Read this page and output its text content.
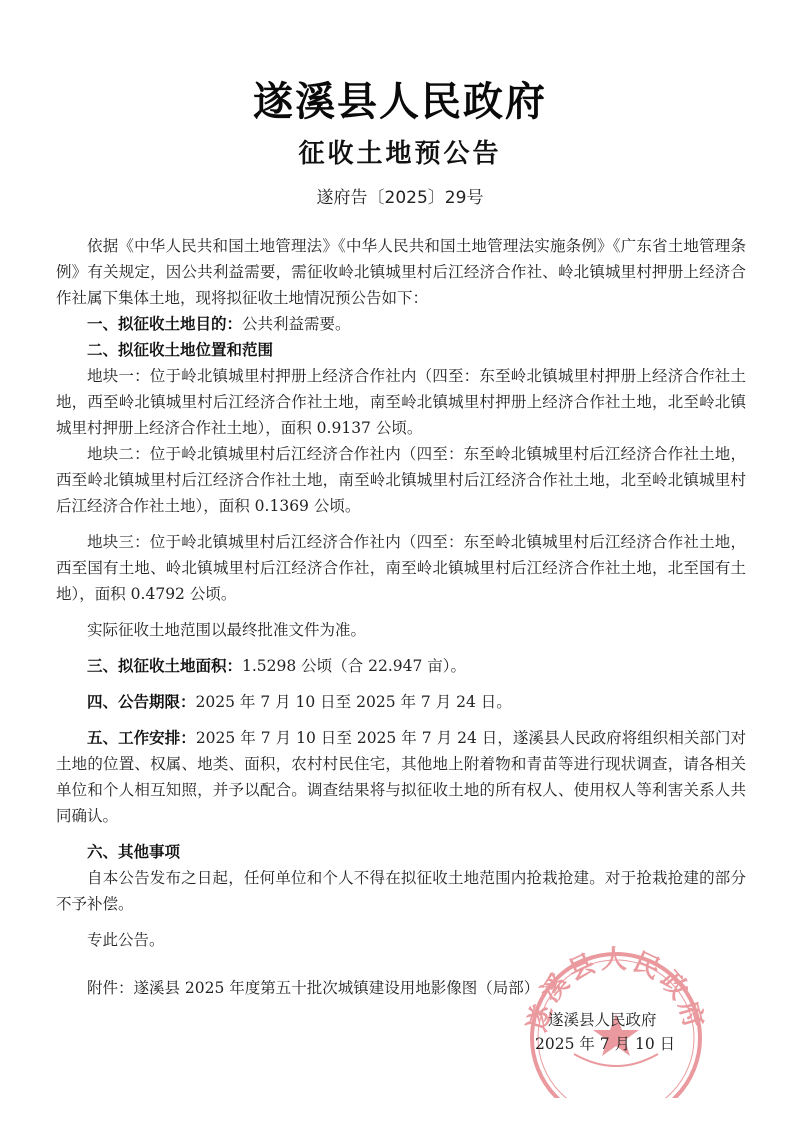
遂溪县人民政府
征收土地预公告
遂府告〔2025〕29号

依据《中华人民共和国土地管理法》《中华人民共和国土地管理法实施条例》《广东省土地管理条例》有关规定，因公共利益需要，需征收岭北镇城里村后江经济合作社、岭北镇城里村押册上经济合作社属下集体土地，现将拟征收土地情况预公告如下：

一、拟征收土地目的：公共利益需要。

二、拟征收土地位置和范围

地块一：位于岭北镇城里村押册上经济合作社内（四至：东至岭北镇城里村押册上经济合作社土地，西至岭北镇城里村后江经济合作社土地，南至岭北镇城里村押册上经济合作社土地，北至岭北镇城里村押册上经济合作社土地），面积 0.9137 公顷。

地块二：位于岭北镇城里村后江经济合作社内（四至：东至岭北镇城里村后江经济合作社土地，西至岭北镇城里村后江经济合作社土地，南至岭北镇城里村后江经济合作社土地，北至岭北镇城里村后江经济合作社土地），面积 0.1369 公顷。

地块三：位于岭北镇城里村后江经济合作社内（四至：东至岭北镇城里村后江经济合作社土地，西至国有土地、岭北镇城里村后江经济合作社，南至岭北镇城里村后江经济合作社土地，北至国有土地），面积 0.4792 公顷。

实际征收土地范围以最终批准文件为准。

三、拟征收土地面积：1.5298 公顷（合 22.947 亩）。

四、公告期限：2025 年 7 月 10 日至 2025 年 7 月 24 日。

五、工作安排：2025 年 7 月 10 日至 2025 年 7 月 24 日，遂溪县人民政府将组织相关部门对土地的位置、权属、地类、面积，农村村民住宅，其他地上附着物和青苗等进行现状调查，请各相关单位和个人相互知照，并予以配合。调查结果将与拟征收土地的所有权人、使用权人等利害关系人共同确认。

六、其他事项

自本公告发布之日起，任何单位和个人不得在拟征收土地范围内抢栽抢建。对于抢栽抢建的部分不予补偿。

专此公告。

附件：遂溪县 2025 年度第五十批次城镇建设用地影像图（局部）

遂溪县人民政府
遂溪县人民政府
2025 年 7 月 10 日
